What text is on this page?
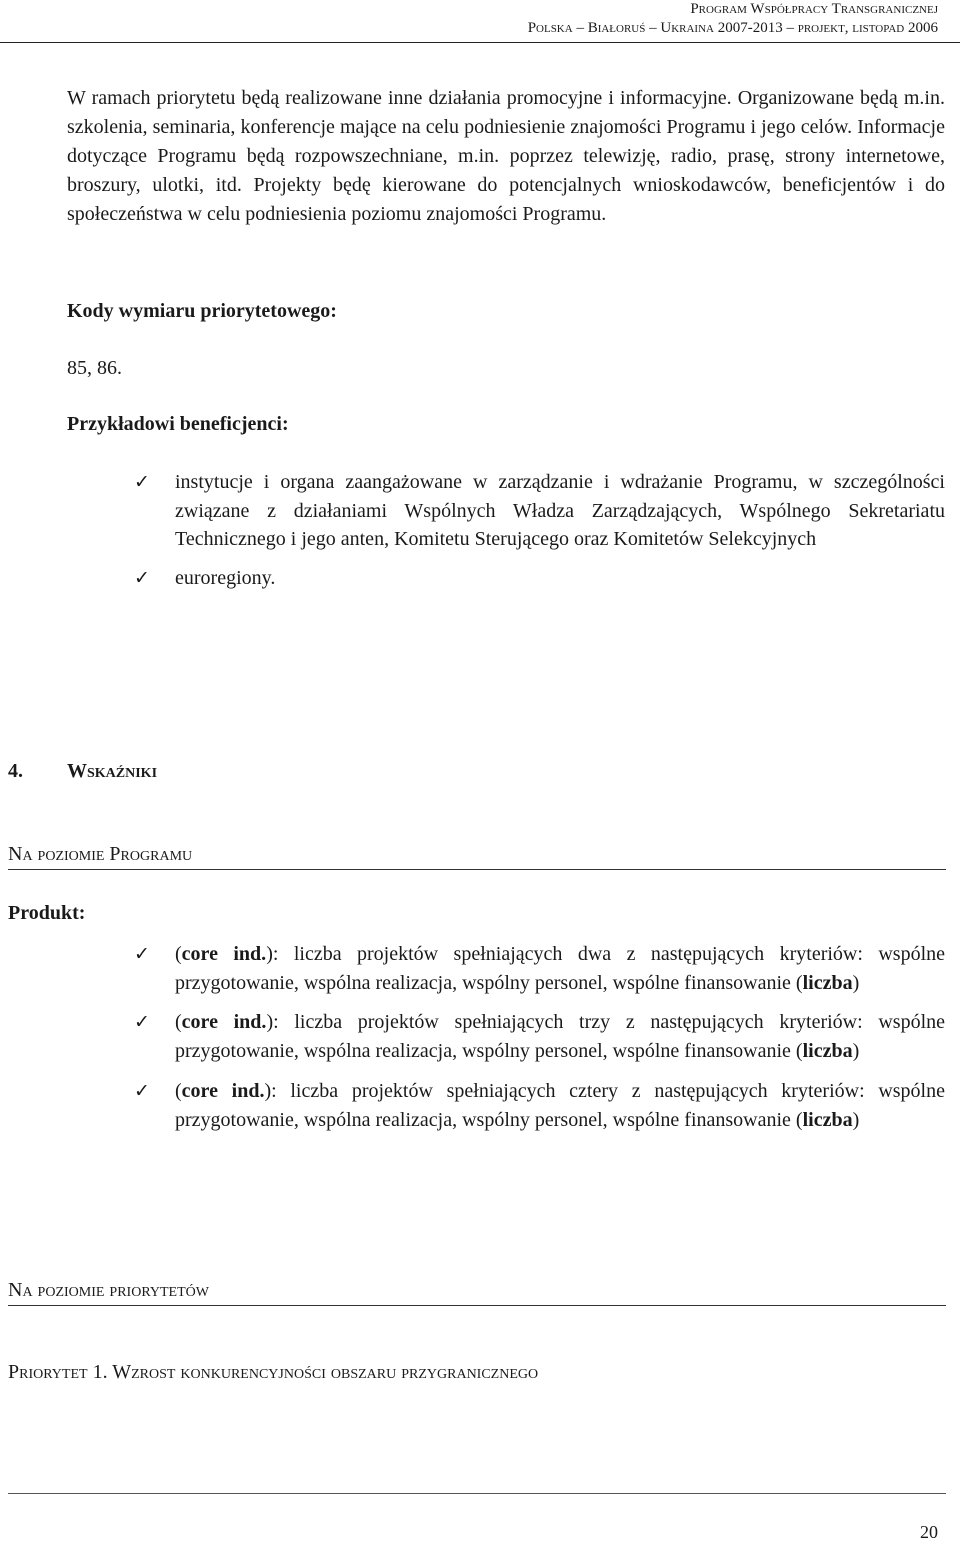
Program Współpracy Transgranicznej
Polska – Białoruś – Ukraina 2007-2013 – projekt, listopad 2006

W ramach priorytetu będą realizowane inne działania promocyjne i informacyjne. Organizowane będą m.in. szkolenia, seminaria, konferencje mające na celu podniesienie znajomości Programu i jego celów. Informacje dotyczące Programu będą rozpowszechniane, m.in. poprzez telewizję, radio, prasę, strony internetowe, broszury, ulotki, itd. Projekty będę kierowane do potencjalnych wnioskodawców, beneficjentów i do społeczeństwa w celu podniesienia poziomu znajomości Programu.

Kody wymiaru priorytetowego:
85, 86.
Przykładowi beneficjenci:
✓ instytucje i organa zaangażowane w zarządzanie i wdrażanie Programu, w szczególności związane z działaniami Wspólnych Władza Zarządzających, Wspólnego Sekretariatu Technicznego i jego anten, Komitetu Sterującego oraz Komitetów Selekcyjnych
✓ euroregiony.
4. Wskaźniki
Na poziomie Programu
Produkt:
✓ (core ind.): liczba projektów spełniających dwa z następujących kryteriów: wspólne przygotowanie, wspólna realizacja, wspólny personel, wspólne finansowanie (liczba)
✓ (core ind.): liczba projektów spełniających trzy z następujących kryteriów: wspólne przygotowanie, wspólna realizacja, wspólny personel, wspólne finansowanie (liczba)
✓ (core ind.): liczba projektów spełniających cztery z następujących kryteriów: wspólne przygotowanie, wspólna realizacja, wspólny personel, wspólne finansowanie (liczba)
Na poziomie priorytetów
Priorytet 1. Wzrost konkurencyjności obszaru przygranicznego
20
